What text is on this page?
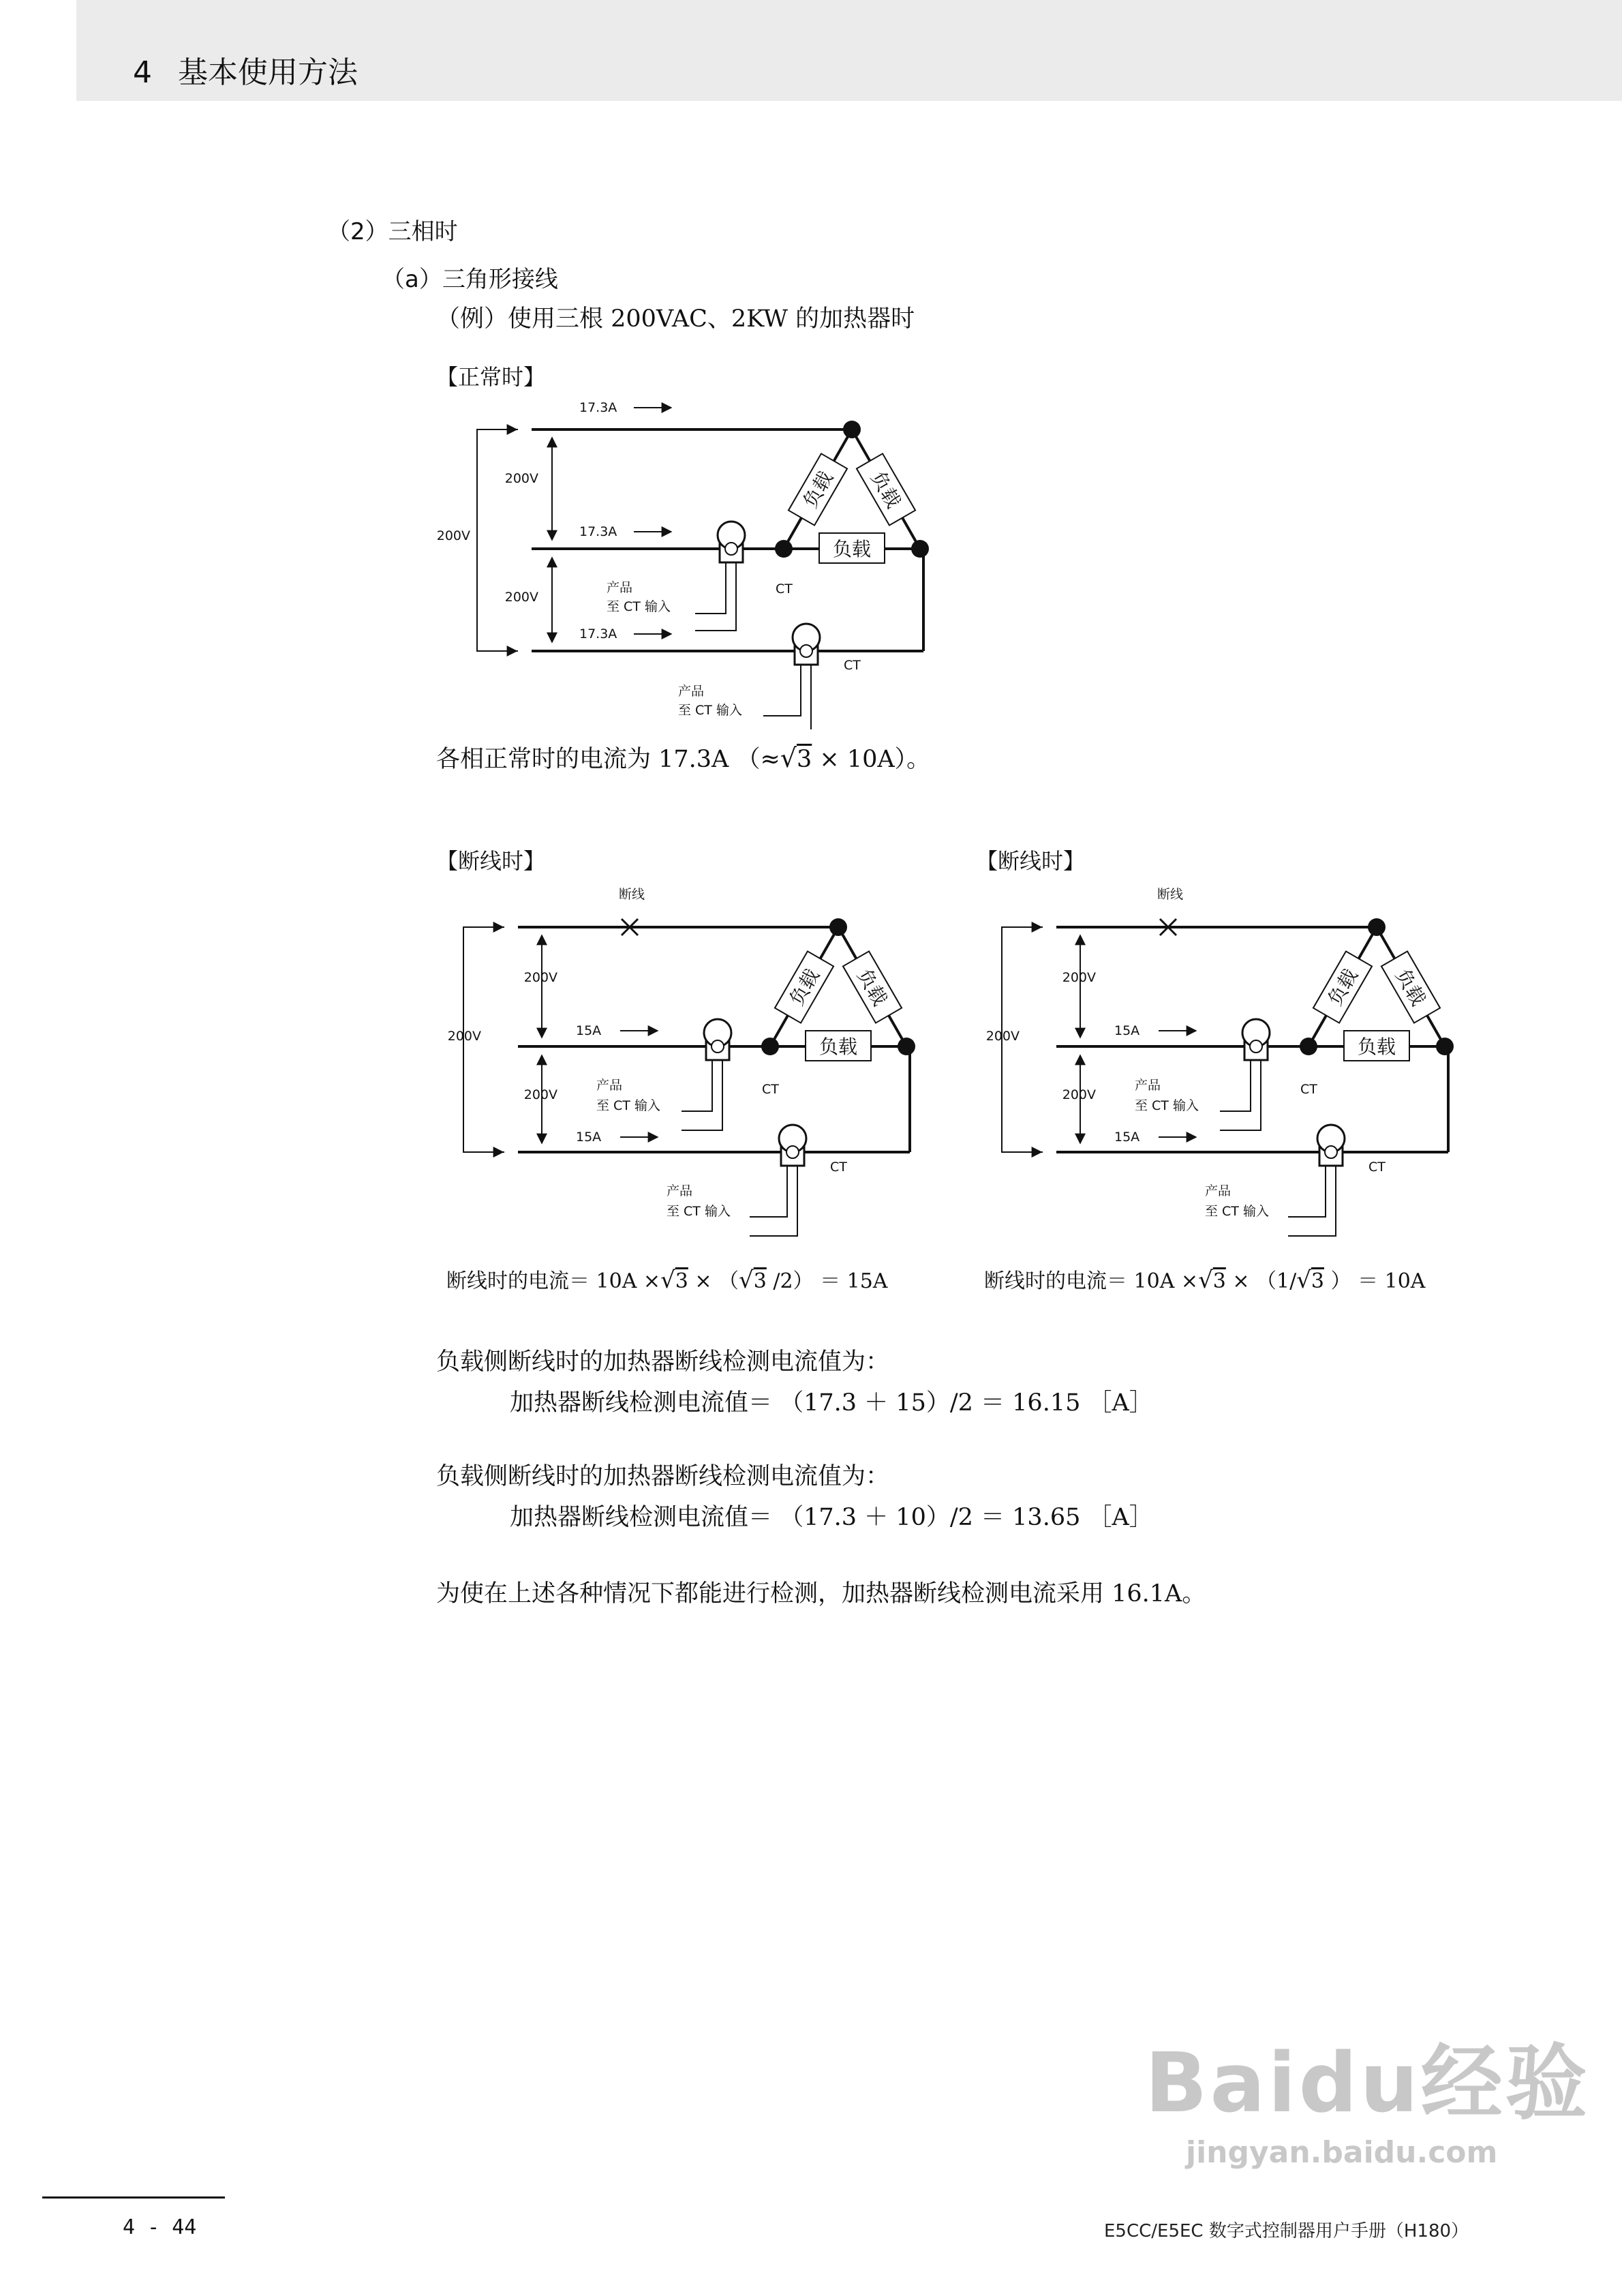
4 基本使用方法
（2）三相时
（a）三角形接线
（例）使用三根 200VAC、2KW 的加热器时
【正常时】
负载 负载
负载
17.3A
17.3A
17.3A
200V
200V
200V
产品
至 CT 输入
CT
产品
至 CT 输入
CT
各相正常时的电流为 17.3A （≈√3 × 10A）。
【断线时】	【断线时】
负载 负载
负载
断线
15A
15A
200V
200V
200V
产品
至 CT 输入
CT
产品
至 CT 输入
CT
负载 负载
负载
断线
15A
15A
200V
200V
200V
产品
至 CT 输入
CT
产品
至 CT 输入
CT
断线时的电流＝ 10A ×√3 × （√3 /2） ＝ 15A	断线时的电流＝ 10A ×√3 × （1/√3 ） ＝ 10A
负载侧断线时的加热器断线检测电流值为：
加热器断线检测电流值＝ （17.3 ＋ 15）/2 ＝ 16.15 ［A］
负载侧断线时的加热器断线检测电流值为：
加热器断线检测电流值＝ （17.3 ＋ 10）/2 ＝ 13.65 ［A］
为使在上述各种情况下都能进行检测，加热器断线检测电流采用 16.1A。
Baidu经验
jingyan.baidu.com
4 - 44	E5CC/E5EC 数字式控制器用户手册（H180）
